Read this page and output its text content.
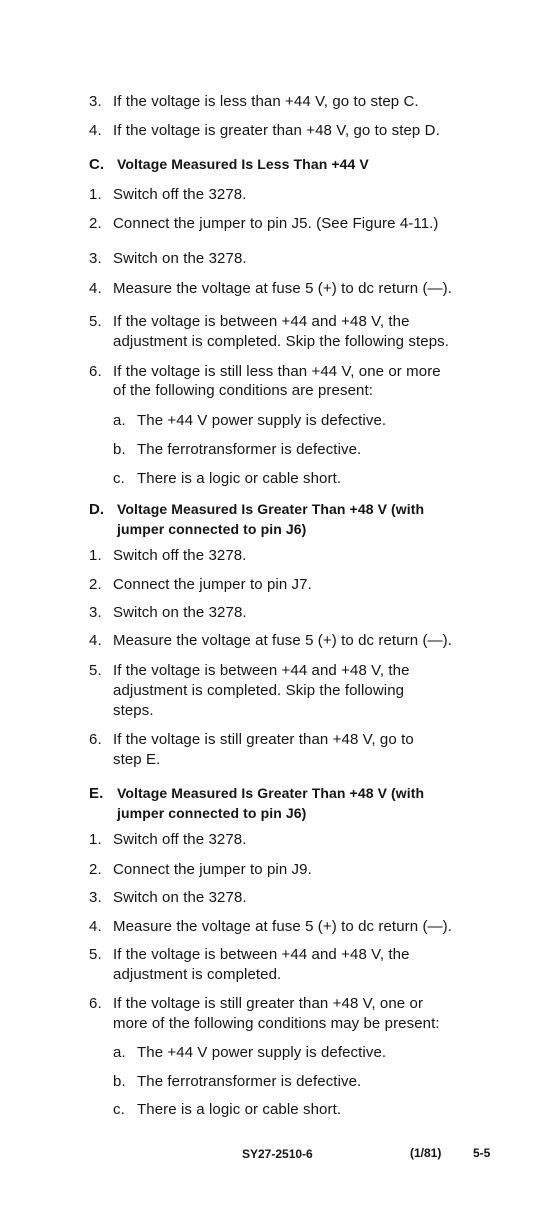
3. If the voltage is less than +44 V, go to step C.
4. If the voltage is greater than +48 V, go to step D.
C. Voltage Measured Is Less Than +44 V
1. Switch off the 3278.
2. Connect the jumper to pin J5. (See Figure 4-11.)
3. Switch on the 3278.
4. Measure the voltage at fuse 5 (+) to dc return (—).
5. If the voltage is between +44 and +48 V, the
adjustment is completed. Skip the following steps.
6. If the voltage is still less than +44 V, one or more
of the following conditions are present:
a. The +44 V power supply is defective.
b. The ferrotransformer is defective.
c. There is a logic or cable short.
D. Voltage Measured Is Greater Than +48 V (with
jumper connected to pin J6)
1. Switch off the 3278.
2. Connect the jumper to pin J7.
3. Switch on the 3278.
4. Measure the voltage at fuse 5 (+) to dc return (—).
5. If the voltage is between +44 and +48 V, the
adjustment is completed. Skip the following
steps.
6. If the voltage is still greater than +48 V, go to
step E.
E. Voltage Measured Is Greater Than +48 V (with
jumper connected to pin J6)
1. Switch off the 3278.
2. Connect the jumper to pin J9.
3. Switch on the 3278.
4. Measure the voltage at fuse 5 (+) to dc return (—).
5. If the voltage is between +44 and +48 V, the
adjustment is completed.
6. If the voltage is still greater than +48 V, one or
more of the following conditions may be present:
a. The +44 V power supply is defective.
b. The ferrotransformer is defective.
c. There is a logic or cable short.
SY27-2510-6	(1/81)	5-5
